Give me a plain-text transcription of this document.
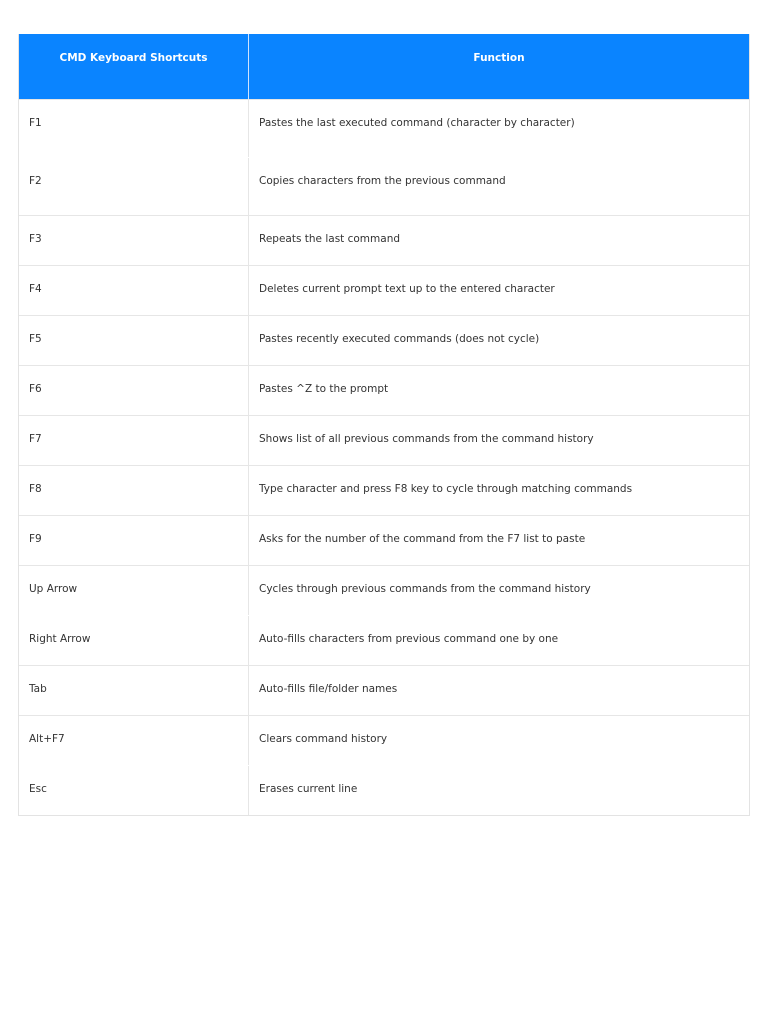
CMD Keyboard Shortcuts	Function
F1	Pastes the last executed command (character by character)
F2	Copies characters from the previous command
F3	Repeats the last command
F4	Deletes current prompt text up to the entered character
F5	Pastes recently executed commands (does not cycle)
F6	Pastes ^Z to the prompt
F7	Shows list of all previous commands from the command history
F8	Type character and press F8 key to cycle through matching commands
F9	Asks for the number of the command from the F7 list to paste
Up Arrow	Cycles through previous commands from the command history
Right Arrow	Auto-fills characters from previous command one by one
Tab	Auto-fills file/folder names
Alt+F7	Clears command history
Esc	Erases current line
